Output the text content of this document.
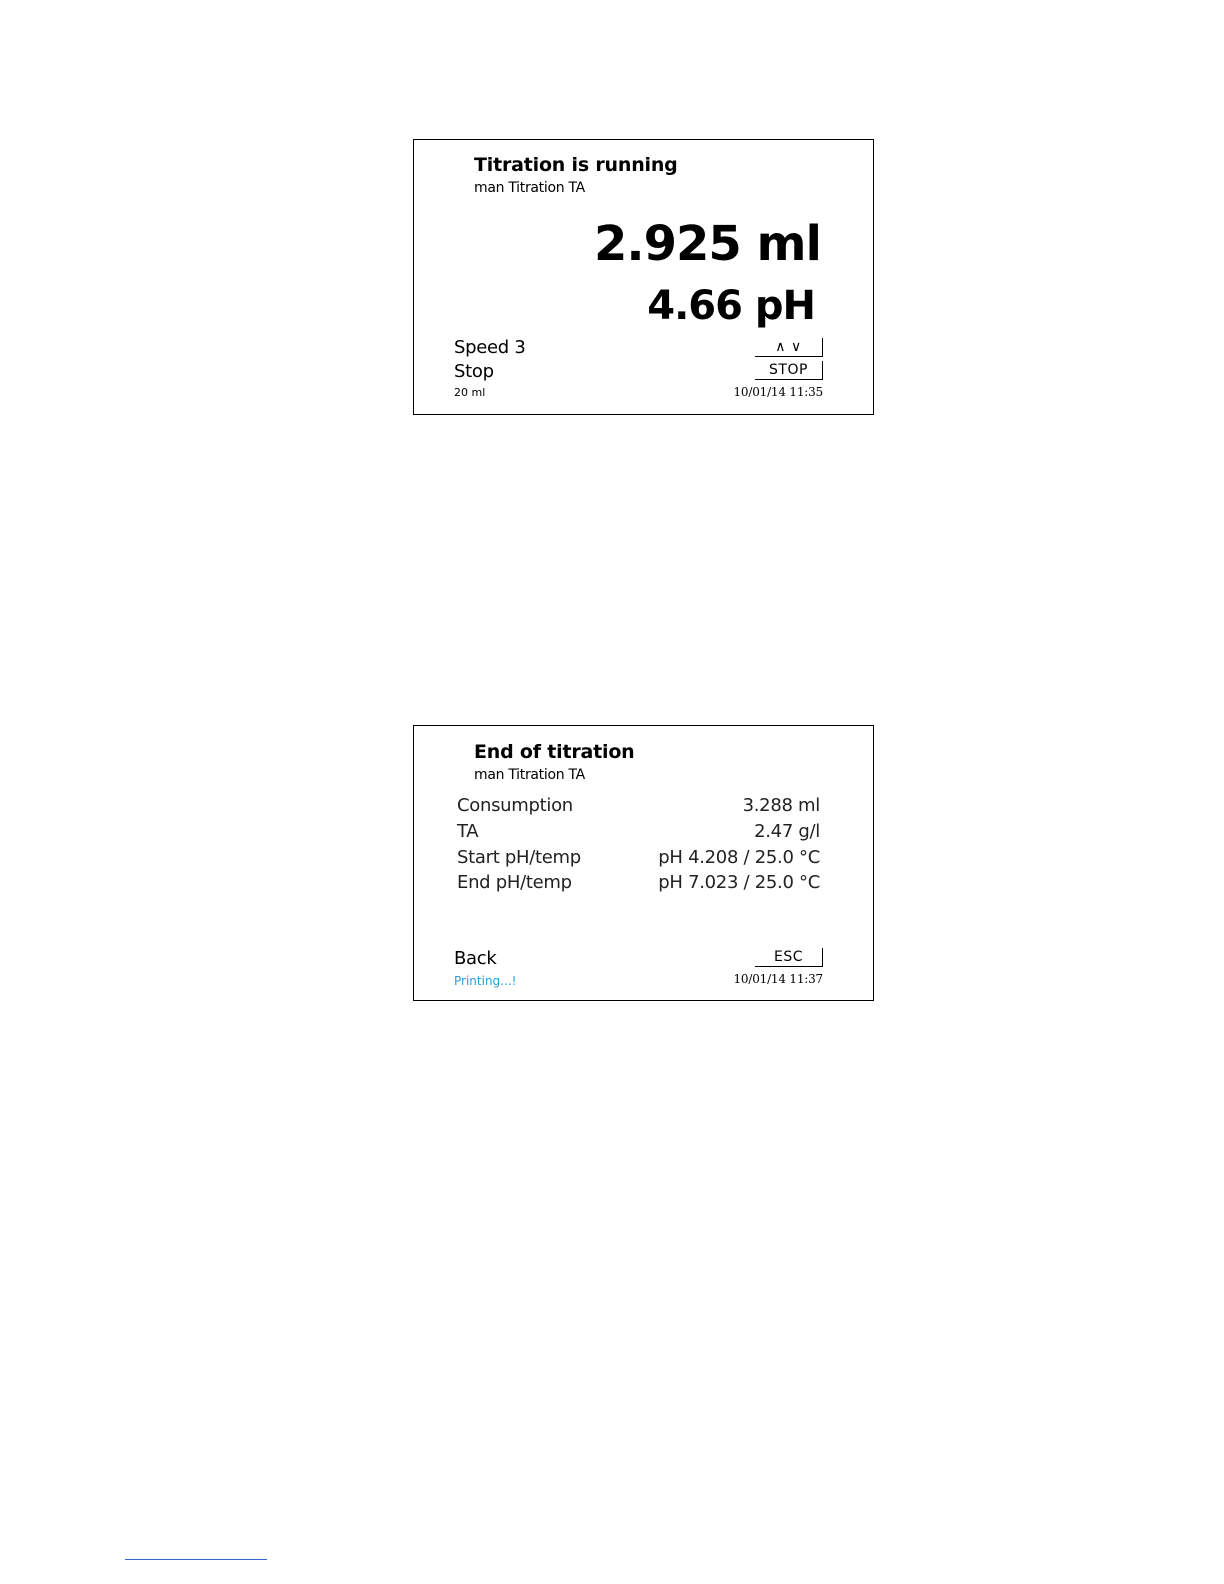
Titration is running
man Titration TA
2.925 ml
4.66 pH
Speed 3	∧ ∨
Stop	STOP
20 ml	10/01/14 11:35
End of titration
man Titration TA
Consumption	3.288 ml
TA	2.47 g/l
Start pH/temp	pH 4.208 / 25.0 °C
End pH/temp	pH 7.023 / 25.0 °C
Back	ESC
Printing...!	10/01/14 11:37
